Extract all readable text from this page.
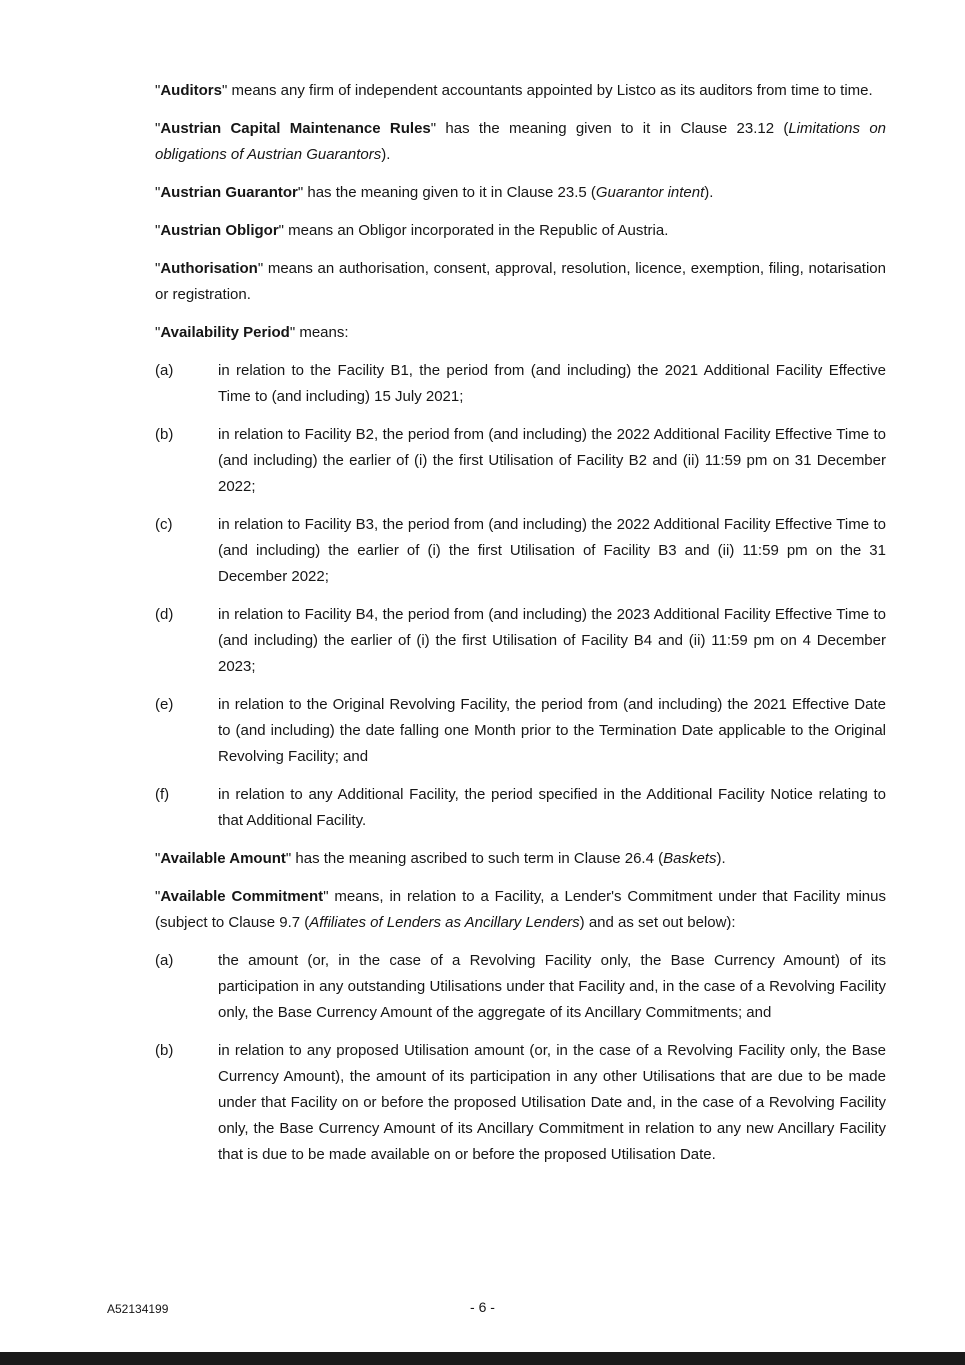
"Auditors" means any firm of independent accountants appointed by Listco as its auditors from time to time.
"Austrian Capital Maintenance Rules" has the meaning given to it in Clause 23.12 (Limitations on obligations of Austrian Guarantors).
"Austrian Guarantor" has the meaning given to it in Clause 23.5 (Guarantor intent).
"Austrian Obligor" means an Obligor incorporated in the Republic of Austria.
"Authorisation" means an authorisation, consent, approval, resolution, licence, exemption, filing, notarisation or registration.
"Availability Period" means:
(a)	in relation to the Facility B1, the period from (and including) the 2021 Additional Facility Effective Time to (and including) 15 July 2021;
(b)	in relation to Facility B2, the period from (and including) the 2022 Additional Facility Effective Time to (and including) the earlier of (i) the first Utilisation of Facility B2 and (ii) 11:59 pm on 31 December 2022;
(c)	in relation to Facility B3, the period from (and including) the 2022 Additional Facility Effective Time to (and including) the earlier of (i) the first Utilisation of Facility B3 and (ii) 11:59 pm on the 31 December 2022;
(d)	in relation to Facility B4, the period from (and including) the 2023 Additional Facility Effective Time to (and including) the earlier of (i) the first Utilisation of Facility B4 and (ii) 11:59 pm on 4 December 2023;
(e)	in relation to the Original Revolving Facility, the period from (and including) the 2021 Effective Date to (and including) the date falling one Month prior to the Termination Date applicable to the Original Revolving Facility; and
(f)	in relation to any Additional Facility, the period specified in the Additional Facility Notice relating to that Additional Facility.
"Available Amount" has the meaning ascribed to such term in Clause 26.4 (Baskets).
"Available Commitment" means, in relation to a Facility, a Lender's Commitment under that Facility minus (subject to Clause 9.7 (Affiliates of Lenders as Ancillary Lenders) and as set out below):
(a)	the amount (or, in the case of a Revolving Facility only, the Base Currency Amount) of its participation in any outstanding Utilisations under that Facility and, in the case of a Revolving Facility only, the Base Currency Amount of the aggregate of its Ancillary Commitments; and
(b)	in relation to any proposed Utilisation amount (or, in the case of a Revolving Facility only, the Base Currency Amount), the amount of its participation in any other Utilisations that are due to be made under that Facility on or before the proposed Utilisation Date and, in the case of a Revolving Facility only, the Base Currency Amount of its Ancillary Commitment in relation to any new Ancillary Facility that is due to be made available on or before the proposed Utilisation Date.
A52134199	- 6 -
